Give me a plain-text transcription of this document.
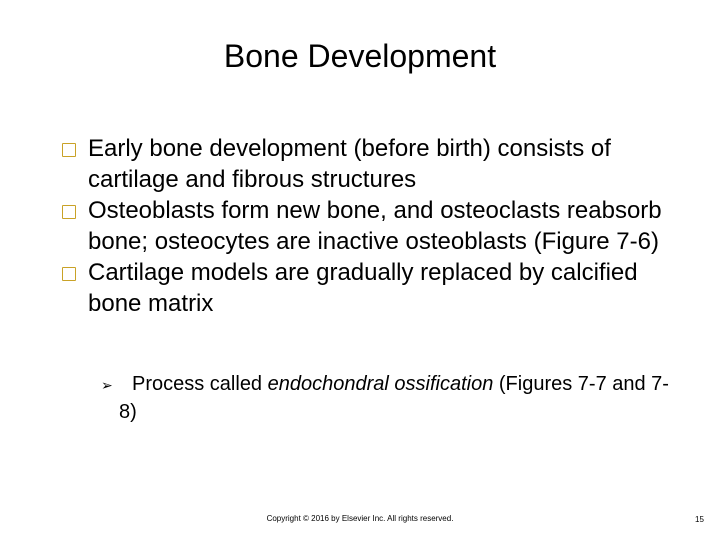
Bone Development
Early bone development (before birth) consists of cartilage and fibrous structures
Osteoblasts form new bone, and osteoclasts reabsorb bone; osteocytes are inactive osteoblasts (Figure 7-6)
Cartilage models are gradually replaced by calcified bone matrix
➢ Process called endochondral ossification (Figures 7-7 and 7-8)
Copyright © 2016 by Elsevier Inc. All rights reserved.	15
